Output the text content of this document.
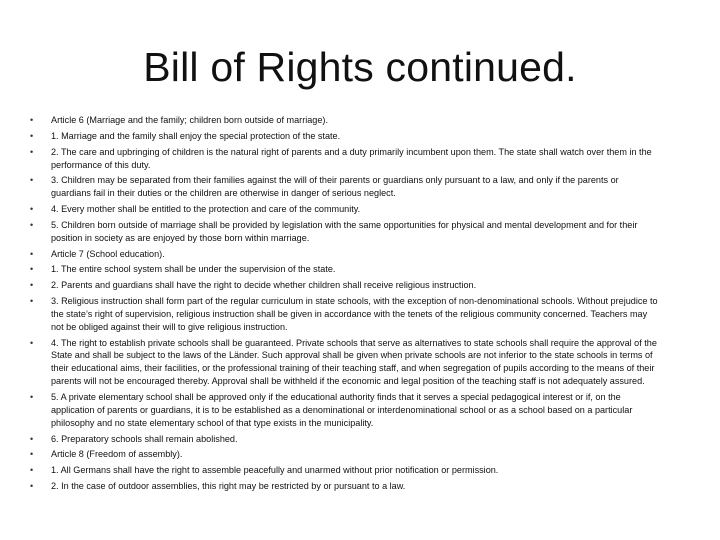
Bill of Rights continued.
• Article 6 (Marriage and the family; children born outside of marriage).
• 1. Marriage and the family shall enjoy the special protection of the state.
• 2. The care and upbringing of children is the natural right of parents and a duty primarily incumbent upon them. The state shall watch over them in the performance of this duty.
• 3. Children may be separated from their families against the will of their parents or guardians only pursuant to a law, and only if the parents or guardians fail in their duties or the children are otherwise in danger of serious neglect.
• 4. Every mother shall be entitled to the protection and care of the community.
• 5. Children born outside of marriage shall be provided by legislation with the same opportunities for physical and mental development and for their position in society as are enjoyed by those born within marriage.
• Article 7 (School education).
• 1. The entire school system shall be under the supervision of the state.
• 2. Parents and guardians shall have the right to decide whether children shall receive religious instruction.
• 3. Religious instruction shall form part of the regular curriculum in state schools, with the exception of non-denominational schools. Without prejudice to the state’s right of supervision, religious instruction shall be given in accordance with the tenets of the religious community concerned. Teachers may not be obliged against their will to give religious instruction.
• 4. The right to establish private schools shall be guaranteed. Private schools that serve as alternatives to state schools shall require the approval of the State and shall be subject to the laws of the Länder. Such approval shall be given when private schools are not inferior to the state schools in terms of their educational aims, their facilities, or the professional training of their teaching staff, and when segregation of pupils according to the means of their parents will not be encouraged thereby. Approval shall be withheld if the economic and legal position of the teaching staff is not adequately assured.
• 5. A private elementary school shall be approved only if the educational authority finds that it serves a special pedagogical interest or if, on the application of parents or guardians, it is to be established as a denominational or interdenominational school or as a school based on a particular philosophy and no state elementary school of that type exists in the municipality.
• 6. Preparatory schools shall remain abolished.
• Article 8 (Freedom of assembly).
• 1. All Germans shall have the right to assemble peacefully and unarmed without prior notification or permission.
• 2. In the case of outdoor assemblies, this right may be restricted by or pursuant to a law.
